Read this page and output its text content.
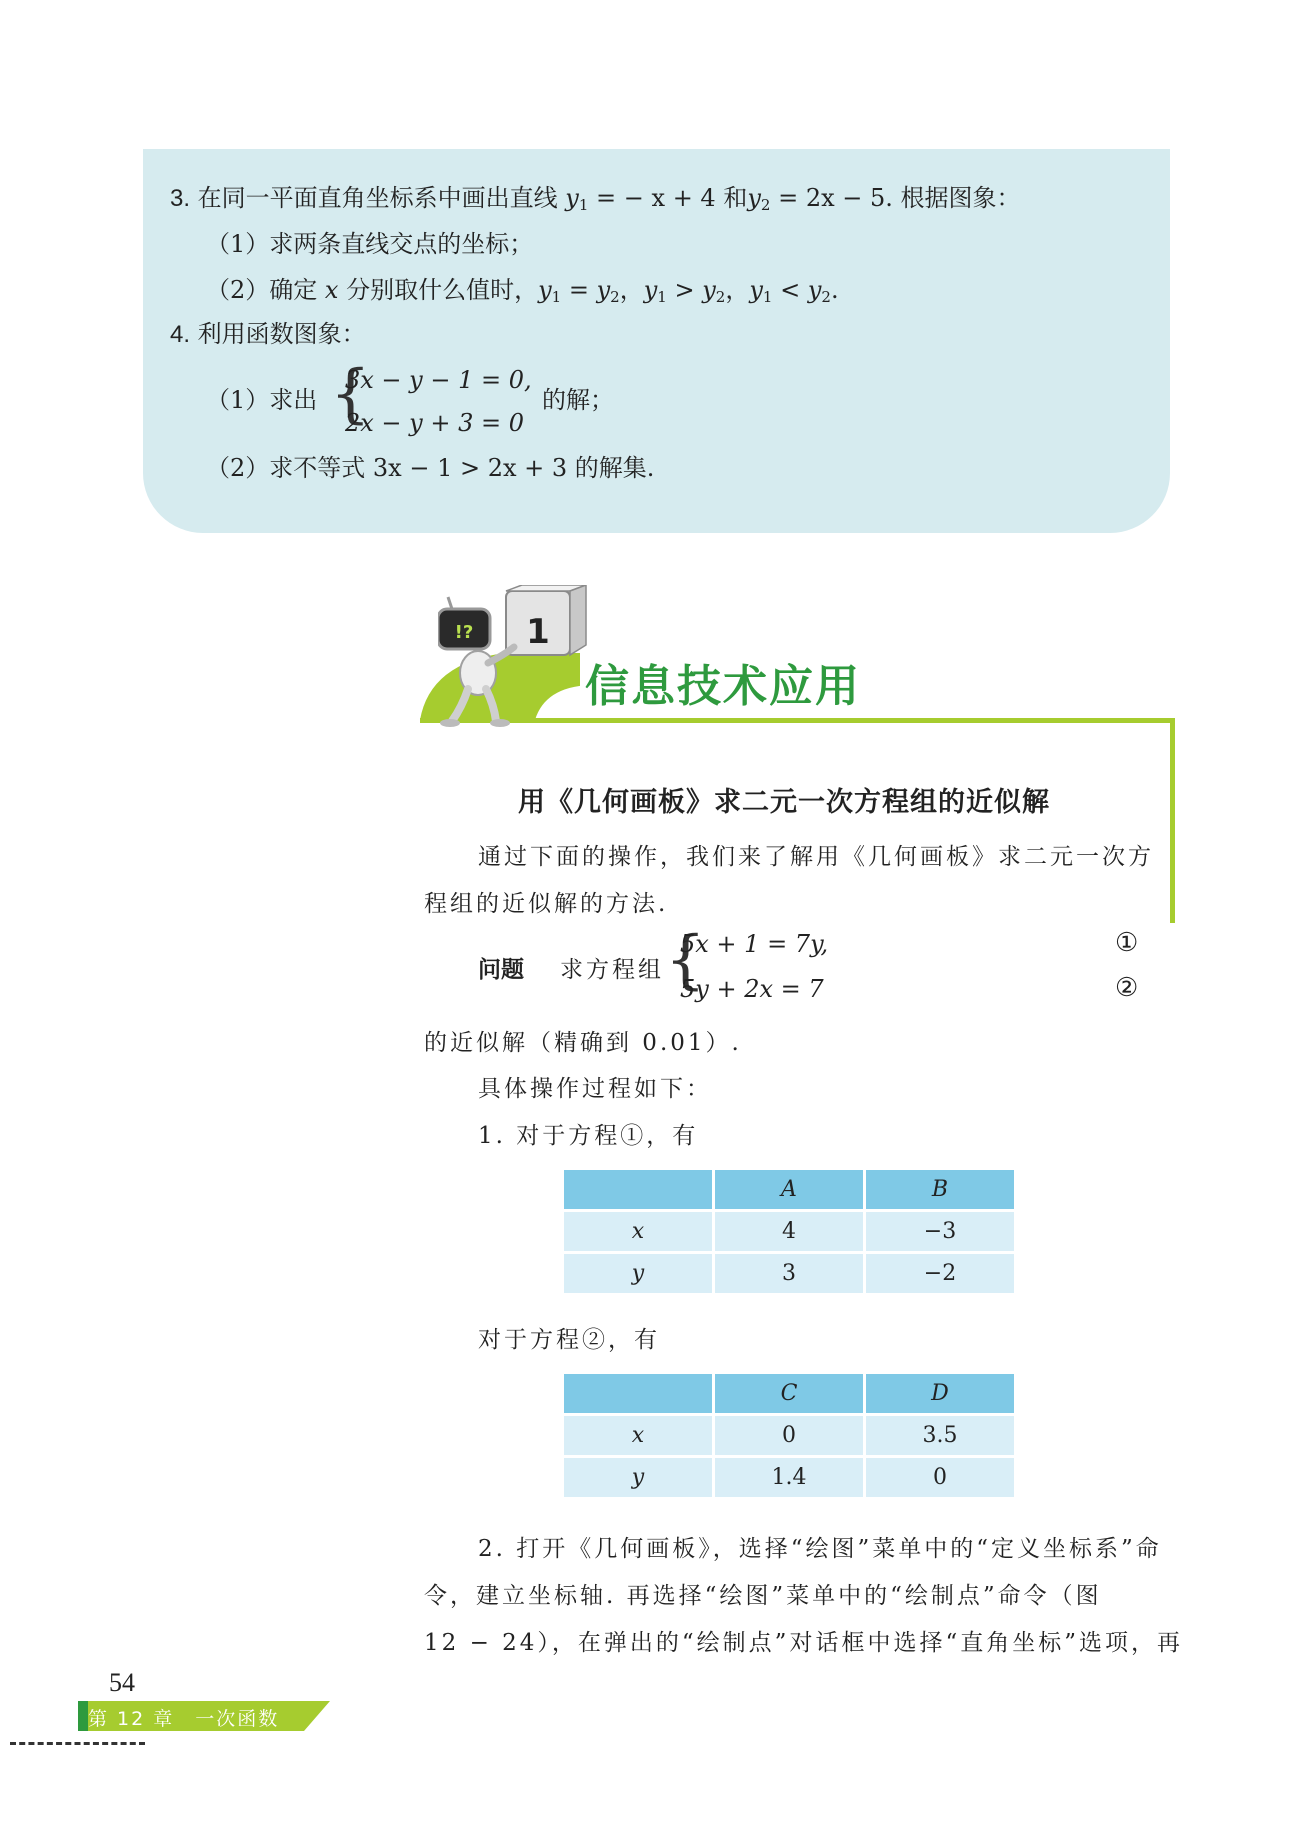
3. 在同一平面直角坐标系中画出直线 $y_1$ = − x + 4 和$y_2 = 2x - 5$. 根据图象：
（1）求两条直线交点的坐标；
（2）确定 x 分别取什么值时，$y_1 = y_2$，$y_1 > y_2$，$y_1 < y_2$.
4. 利用函数图象：
（1）求出 {
3x − y − 1 = 0,
2x − y + 3 = 0
的解；
（2）求不等式 3x − 1 > 2x + 3 的解集.
1
!?
信息技术应用
用《几何画板》求二元一次方程组的近似解
通过下面的操作，我们来了解用《几何画板》求二元一次方
程组的近似解的方法.
问题 求方程组 {
5x + 1 = 7y,
5y + 2x = 7
①
②
的近似解（精确到 0.01）.
具体操作过程如下：
1. 对于方程①，有
	A	B
x	4	−3
y	3	−2
对于方程②，有
	C	D
x	0	3.5
y	1.4	0
2. 打开《几何画板》，选择“绘图”菜单中的“定义坐标系”命
令，建立坐标轴. 再选择“绘图”菜单中的“绘制点”命令（图
12 − 24），在弹出的“绘制点”对话框中选择“直角坐标”选项，再
54
第 12 章　一次函数
